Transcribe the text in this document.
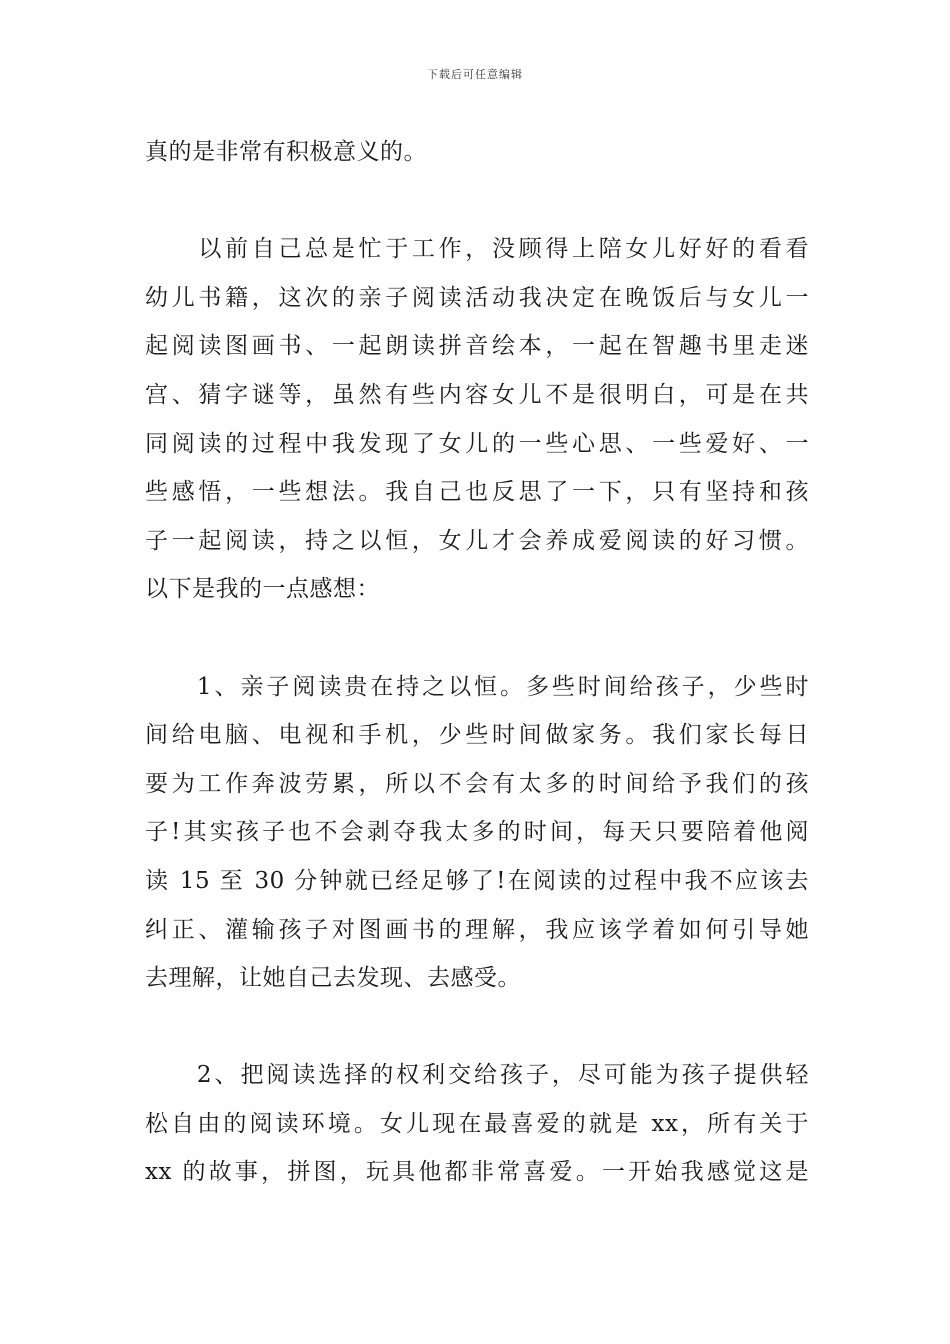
下载后可任意编辑
真的是非常有积极意义的。
　　以前自己总是忙于工作，没顾得上陪女儿好好的看看
幼儿书籍，这次的亲子阅读活动我决定在晚饭后与女儿一
起阅读图画书、一起朗读拼音绘本，一起在智趣书里走迷
宫、猜字谜等，虽然有些内容女儿不是很明白，可是在共
同阅读的过程中我发现了女儿的一些心思、一些爱好、一
些感悟，一些想法。我自己也反思了一下，只有坚持和孩
子一起阅读，持之以恒，女儿才会养成爱阅读的好习惯。
以下是我的一点感想：
　　1、亲子阅读贵在持之以恒。多些时间给孩子，少些时
间给电脑、电视和手机，少些时间做家务。我们家长每日
要为工作奔波劳累，所以不会有太多的时间给予我们的孩
子!其实孩子也不会剥夺我太多的时间，每天只要陪着他阅
读 15 至 30 分钟就已经足够了!在阅读的过程中我不应该去
纠正、灌输孩子对图画书的理解，我应该学着如何引导她
去理解，让她自己去发现、去感受。
　　2、把阅读选择的权利交给孩子，尽可能为孩子提供轻
松自由的阅读环境。女儿现在最喜爱的就是 xx，所有关于
xx 的故事，拼图，玩具他都非常喜爱。一开始我感觉这是
